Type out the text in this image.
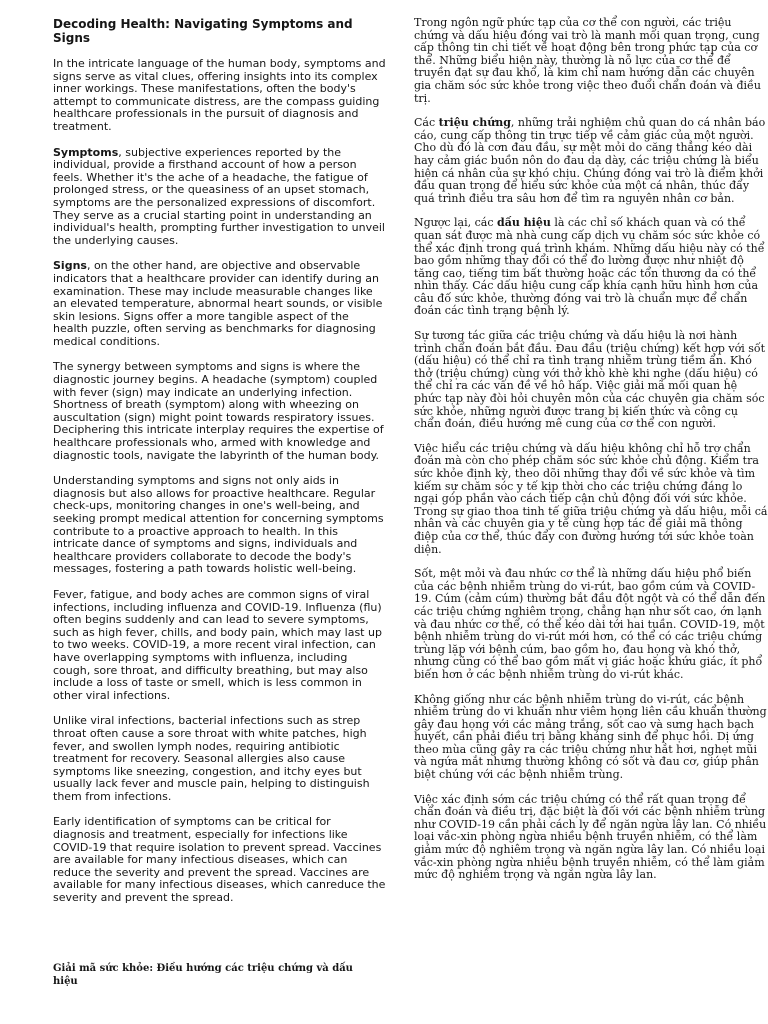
Decoding Health: Navigating Symptoms and Signs

In the intricate language of the human body, symptoms and signs serve as vital clues, offering insights into its complex inner workings. These manifestations, often the body's attempt to communicate distress, are the compass guiding healthcare professionals in the pursuit of diagnosis and treatment.

Symptoms, subjective experiences reported by the individual, provide a firsthand account of how a person feels. Whether it's the ache of a headache, the fatigue of prolonged stress, or the queasiness of an upset stomach, symptoms are the personalized expressions of discomfort. They serve as a crucial starting point in understanding an individual's health, prompting further investigation to unveil the underlying causes.

Signs, on the other hand, are objective and observable indicators that a healthcare provider can identify during an examination. These may include measurable changes like an elevated temperature, abnormal heart sounds, or visible skin lesions. Signs offer a more tangible aspect of the health puzzle, often serving as benchmarks for diagnosing medical conditions.

The synergy between symptoms and signs is where the diagnostic journey begins. A headache (symptom) coupled with fever (sign) may indicate an underlying infection. Shortness of breath (symptom) along with wheezing on auscultation (sign) might point towards respiratory issues. Deciphering this intricate interplay requires the expertise of healthcare professionals who, armed with knowledge and diagnostic tools, navigate the labyrinth of the human body.

Understanding symptoms and signs not only aids in diagnosis but also allows for proactive healthcare. Regular check-ups, monitoring changes in one's well-being, and seeking prompt medical attention for concerning symptoms contribute to a proactive approach to health. In this intricate dance of symptoms and signs, individuals and healthcare providers collaborate to decode the body's messages, fostering a path towards holistic well-being.

Fever, fatigue, and body aches are common signs of viral infections, including influenza and COVID-19. Influenza (flu) often begins suddenly and can lead to severe symptoms, such as high fever, chills, and body pain, which may last up to two weeks. COVID-19, a more recent viral infection, can have overlapping symptoms with influenza, including cough, sore throat, and difficulty breathing, but may also include a loss of taste or smell, which is less common in other viral infections.

Unlike viral infections, bacterial infections such as strep throat often cause a sore throat with white patches, high fever, and swollen lymph nodes, requiring antibiotic treatment for recovery. Seasonal allergies also cause symptoms like sneezing, congestion, and itchy eyes but usually lack fever and muscle pain, helping to distinguish them from infections.

Early identification of symptoms can be critical for diagnosis and treatment, especially for infections like COVID-19 that require isolation to prevent spread. Vaccines are available for many infectious diseases, which can reduce the severity and prevent the spread. Vaccines are available for many infectious diseases, which canreduce the severity and prevent the spread.

Giải mã sức khỏe: Điều hướng các triệu chứng và dấu hiệu

Trong ngôn ngữ phức tạp của cơ thể con người, các triệu chứng và dấu hiệu đóng vai trò là manh mối quan trọng, cung cấp thông tin chi tiết về hoạt động bên trong phức tạp của cơ thể. Những biểu hiện này, thường là nỗ lực của cơ thể để truyền đạt sự đau khổ, là kim chỉ nam hướng dẫn các chuyên gia chăm sóc sức khỏe trong việc theo đuổi chẩn đoán và điều trị.

Các triệu chứng, những trải nghiệm chủ quan do cá nhân báo cáo, cung cấp thông tin trực tiếp về cảm giác của một người. Cho dù đó là cơn đau đầu, sự mệt mỏi do căng thẳng kéo dài hay cảm giác buồn nôn do đau dạ dày, các triệu chứng là biểu hiện cá nhân của sự khó chịu. Chúng đóng vai trò là điểm khởi đầu quan trọng để hiểu sức khỏe của một cá nhân, thúc đẩy quá trình điều tra sâu hơn để tìm ra nguyên nhân cơ bản.

Ngược lại, các dấu hiệu là các chỉ số khách quan và có thể quan sát được mà nhà cung cấp dịch vụ chăm sóc sức khỏe có thể xác định trong quá trình khám. Những dấu hiệu này có thể bao gồm những thay đổi có thể đo lường được như nhiệt độ tăng cao, tiếng tim bất thường hoặc các tổn thương da có thể nhìn thấy. Các dấu hiệu cung cấp khía cạnh hữu hình hơn của câu đố sức khỏe, thường đóng vai trò là chuẩn mực để chẩn đoán các tình trạng bệnh lý.

Sự tương tác giữa các triệu chứng và dấu hiệu là nơi hành trình chẩn đoán bắt đầu. Đau đầu (triệu chứng) kết hợp với sốt (dấu hiệu) có thể chỉ ra tình trạng nhiễm trùng tiềm ẩn. Khó thở (triệu chứng) cùng với thở khò khè khi nghe (dấu hiệu) có thể chỉ ra các vấn đề về hô hấp. Việc giải mã mối quan hệ phức tạp này đòi hỏi chuyên môn của các chuyên gia chăm sóc sức khỏe, những người được trang bị kiến thức và công cụ chẩn đoán, điều hướng mê cung của cơ thể con người.

Việc hiểu các triệu chứng và dấu hiệu không chỉ hỗ trợ chẩn đoán mà còn cho phép chăm sóc sức khỏe chủ động. Kiểm tra sức khỏe định kỳ, theo dõi những thay đổi về sức khỏe và tìm kiếm sự chăm sóc y tế kịp thời cho các triệu chứng đáng lo ngại góp phần vào cách tiếp cận chủ động đối với sức khỏe. Trong sự giao thoa tinh tế giữa triệu chứng và dấu hiệu, mỗi cá nhân và các chuyên gia y tế cùng hợp tác để giải mã thông điệp của cơ thể, thúc đẩy con đường hướng tới sức khỏe toàn diện.

Sốt, mệt mỏi và đau nhức cơ thể là những dấu hiệu phổ biến của các bệnh nhiễm trùng do vi-rút, bao gồm cúm và COVID-19. Cúm (cảm cúm) thường bắt đầu đột ngột và có thể dẫn đến các triệu chứng nghiêm trọng, chẳng hạn như sốt cao, ớn lạnh và đau nhức cơ thể, có thể kéo dài tới hai tuần. COVID-19, một bệnh nhiễm trùng do vi-rút mới hơn, có thể có các triệu chứng trùng lặp với bệnh cúm, bao gồm ho, đau họng và khó thở, nhưng cũng có thể bao gồm mất vị giác hoặc khứu giác, ít phổ biến hơn ở các bệnh nhiễm trùng do vi-rút khác.

Không giống như các bệnh nhiễm trùng do vi-rút, các bệnh nhiễm trùng do vi khuẩn như viêm họng liên cầu khuẩn thường gây đau họng với các mảng trắng, sốt cao và sưng hạch bạch huyết, cần phải điều trị bằng kháng sinh để phục hồi. Dị ứng theo mùa cũng gây ra các triệu chứng như hắt hơi, nghẹt mũi và ngứa mắt nhưng thường không có sốt và đau cơ, giúp phân biệt chúng với các bệnh nhiễm trùng.

Việc xác định sớm các triệu chứng có thể rất quan trọng để chẩn đoán và điều trị, đặc biệt là đối với các bệnh nhiễm trùng như COVID-19 cần phải cách ly để ngăn ngừa lây lan. Có nhiều loại vắc-xin phòng ngừa nhiều bệnh truyền nhiễm, có thể làm giảm mức độ nghiêm trọng và ngăn ngừa lây lan. Có nhiều loại vắc-xin phòng ngừa nhiều bệnh truyền nhiễm, có thể làm giảm mức độ nghiêm trọng và ngăn ngừa lây lan.
